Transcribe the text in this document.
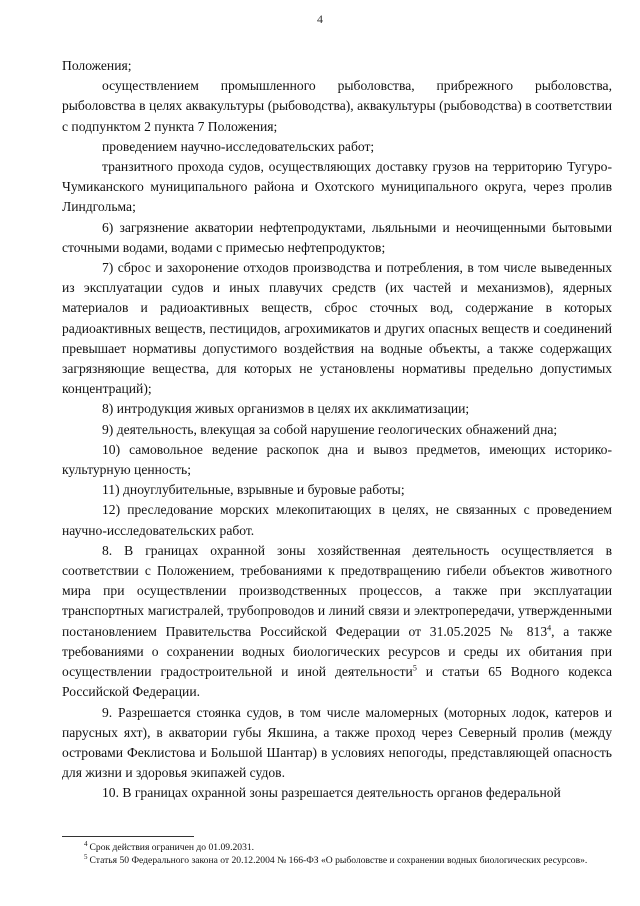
4

Положения;

осуществлением промышленного рыболовства, прибрежного рыболовства, рыболовства в целях аквакультуры (рыбоводства), аквакультуры (рыбоводства) в соответствии с подпунктом 2 пункта 7 Положения;

проведением научно-исследовательских работ;

транзитного прохода судов, осуществляющих доставку грузов на территорию Тугуро-Чумиканского муниципального района и Охотского муниципального округа, через пролив Линдгольма;

6) загрязнение акватории нефтепродуктами, льяльными и неочищенными бытовыми сточными водами, водами с примесью нефтепродуктов;

7) сброс и захоронение отходов производства и потребления, в том числе выведенных из эксплуатации судов и иных плавучих средств (их частей и механизмов), ядерных материалов и радиоактивных веществ, сброс сточных вод, содержание в которых радиоактивных веществ, пестицидов, агрохимикатов и других опасных веществ и соединений превышает нормативы допустимого воздействия на водные объекты, а также содержащих загрязняющие вещества, для которых не установлены нормативы предельно допустимых концентраций);

8) интродукция живых организмов в целях их акклиматизации;

9) деятельность, влекущая за собой нарушение геологических обнажений дна;

10) самовольное ведение раскопок дна и вывоз предметов, имеющих историко-культурную ценность;

11) дноуглубительные, взрывные и буровые работы;

12) преследование морских млекопитающих в целях, не связанных с проведением научно-исследовательских работ.

8. В границах охранной зоны хозяйственная деятельность осуществляется в соответствии с Положением, требованиями к предотвращению гибели объектов животного мира при осуществлении производственных процессов, а также при эксплуатации транспортных магистралей, трубопроводов и линий связи и электропередачи, утвержденными постановлением Правительства Российской Федерации от 31.05.2025 № $813^4$, а также требованиями о сохранении водных биологических ресурсов и среды их обитания при осуществлении градостроительной и иной деятельности$^5$ и статьи 65 Водного кодекса Российской Федерации.

9. Разрешается стоянка судов, в том числе маломерных (моторных лодок, катеров и парусных яхт), в акватории губы Якшина, а также проход через Северный пролив (между островами Феклистова и Большой Шантар) в условиях непогоды, представляющей опасность для жизни и здоровья экипажей судов.

10. В границах охранной зоны разрешается деятельность органов федеральной

$^4$ Срок действия ограничен до 01.09.2031.

$^5$ Статья 50 Федерального закона от 20.12.2004 № 166-ФЗ «О рыболовстве и сохранении водных биологических ресурсов».
